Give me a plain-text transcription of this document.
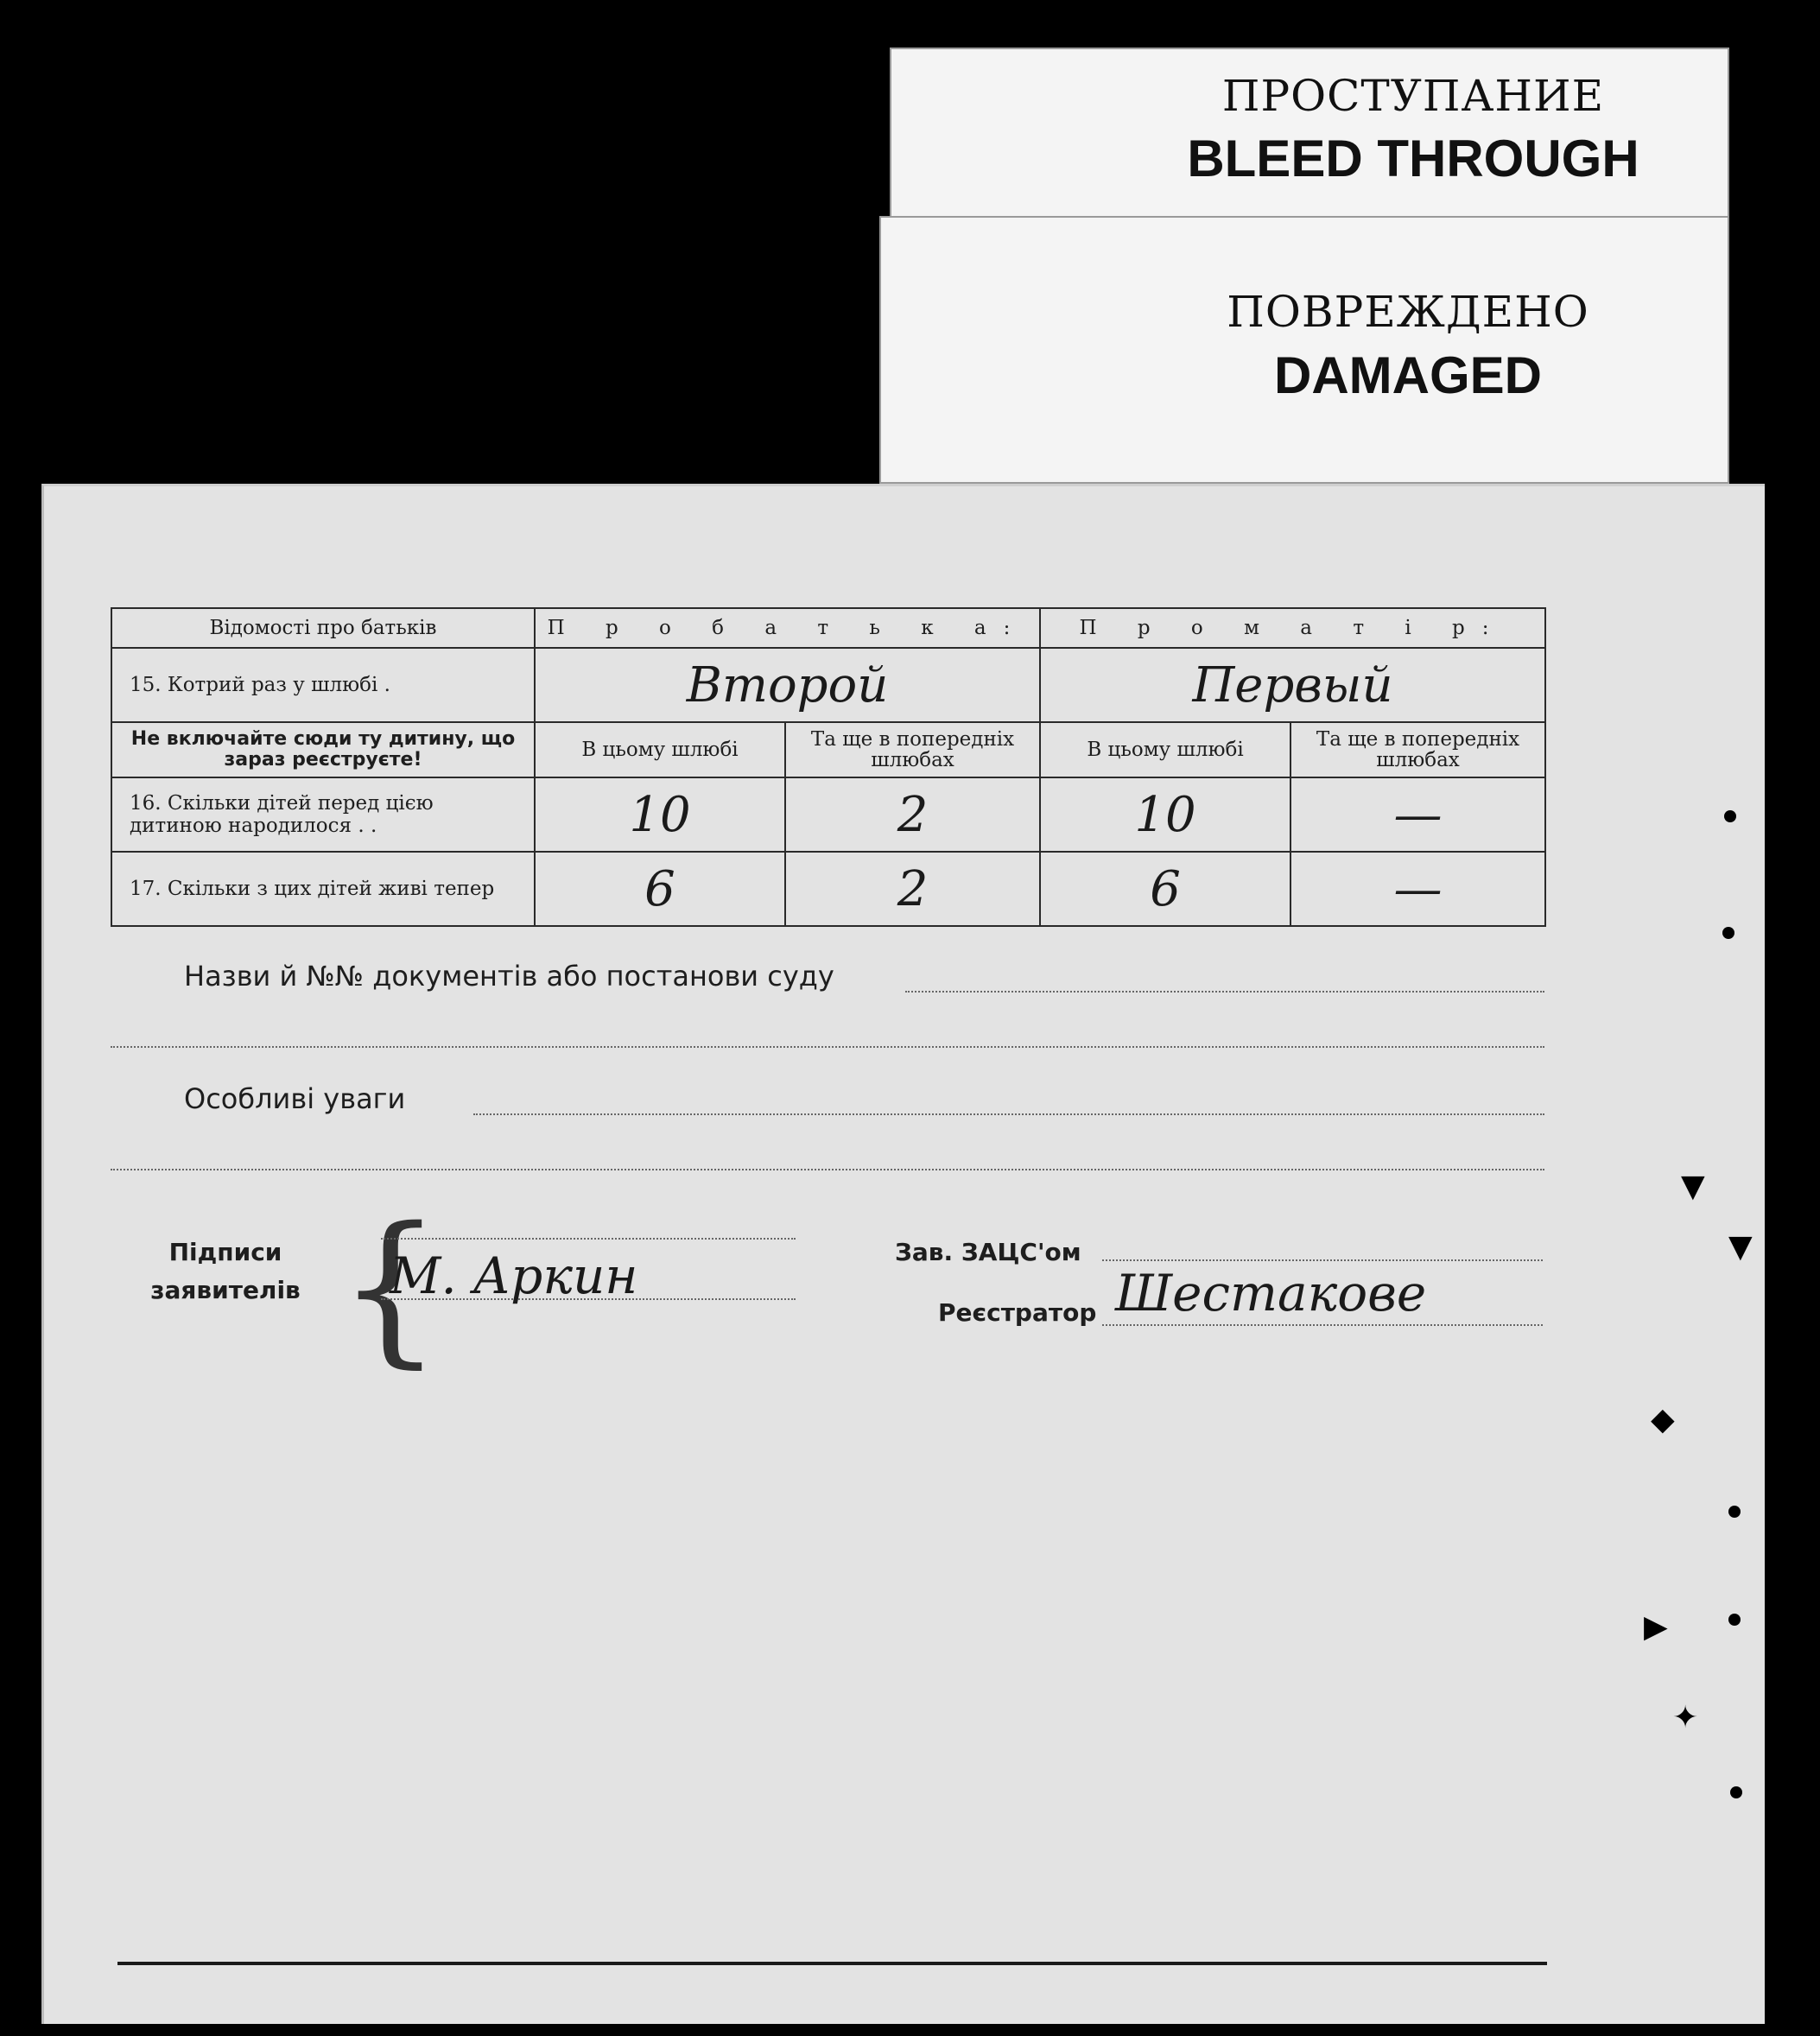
ПРОСТУПАНИЕ
BLEED THROUGH
ПОВРЕЖДЕНО
DAMAGED
Відомості про батьків	П р о б а т ь к а:		П р о м а т і р:	
15. Котрий раз у шлюбі .	Второй		Первый	
Не включайте сюди ту дитину, що зараз реєструєте!	В цьому шлюбі	Та ще в попередніх шлюбах	В цьому шлюбі	Та ще в попередніх шлюбах
16. Скільки дітей перед цією дитиною народилося . .	10	2	10	—
17. Скільки з цих дітей живі тепер	6	2	6	—
Назви й №№ документів або постанови суду
Особливі уваги
Підписи заявителів {
М. Аркин	Зав. ЗАЦС'ом
Реєстратор Шестакове
▼
▼
◆
▶
✦
